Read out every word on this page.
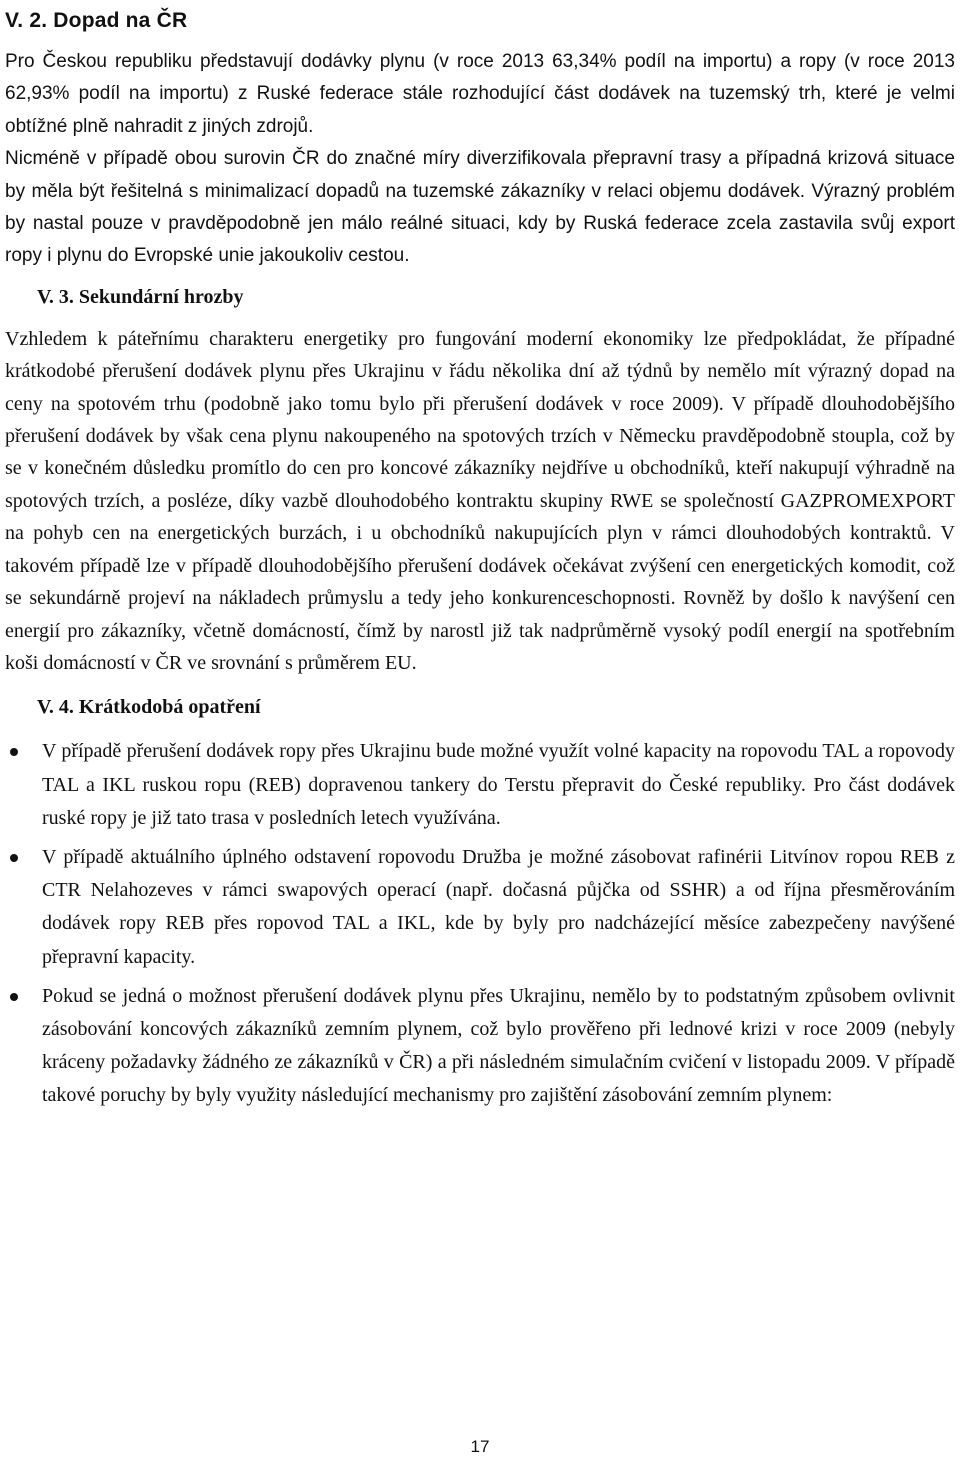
V. 2. Dopad na ČR

Pro Českou republiku představují dodávky plynu (v roce 2013 63,34% podíl na importu) a ropy (v roce 2013 62,93% podíl na importu) z Ruské federace stále rozhodující část dodávek na tuzemský trh, které je velmi obtížné plně nahradit z jiných zdrojů.

Nicméně v případě obou surovin ČR do značné míry diverzifikovala přepravní trasy a případná krizová situace by měla být řešitelná s minimalizací dopadů na tuzemské zákazníky v relaci objemu dodávek. Výrazný problém by nastal pouze v pravděpodobně jen málo reálné situaci, kdy by Ruská federace zcela zastavila svůj export ropy i plynu do Evropské unie jakoukoliv cestou.

V. 3. Sekundární hrozby

Vzhledem k páteřnímu charakteru energetiky pro fungování moderní ekonomiky lze předpokládat, že případné krátkodobé přerušení dodávek plynu přes Ukrajinu v řádu několika dní až týdnů by nemělo mít výrazný dopad na ceny na spotovém trhu (podobně jako tomu bylo při přerušení dodávek v roce 2009). V případě dlouhodobějšího přerušení dodávek by však cena plynu nakoupeného na spotových trzích v Německu pravděpodobně stoupla, což by se v konečném důsledku promítlo do cen pro koncové zákazníky nejdříve u obchodníků, kteří nakupují výhradně na spotových trzích, a posléze, díky vazbě dlouhodobého kontraktu skupiny RWE se společností GAZPROMEXPORT na pohyb cen na energetických burzách, i u obchodníků nakupujících plyn v rámci dlouhodobých kontraktů. V takovém případě lze v případě dlouhodobějšího přerušení dodávek očekávat zvýšení cen energetických komodit, což se sekundárně projeví na nákladech průmyslu a tedy jeho konkurenceschopnosti. Rovněž by došlo k navýšení cen energií pro zákazníky, včetně domácností, čímž by narostl již tak nadprůměrně vysoký podíl energií na spotřebním koši domácností v ČR ve srovnání s průměrem EU.

V. 4. Krátkodobá opatření
V případě přerušení dodávek ropy přes Ukrajinu bude možné využít volné kapacity na ropovodu TAL a ropovody TAL a IKL ruskou ropu (REB) dopravenou tankery do Terstu přepravit do České republiky. Pro část dodávek ruské ropy je již tato trasa v posledních letech využívána.
V případě aktuálního úplného odstavení ropovodu Družba je možné zásobovat rafinérii Litvínov ropou REB z CTR Nelahozeves v rámci swapových operací (např. dočasná půjčka od SSHR) a od října přesměrováním dodávek ropy REB přes ropovod TAL a IKL, kde by byly pro nadcházející měsíce zabezpečeny navýšené přepravní kapacity.
Pokud se jedná o možnost přerušení dodávek plynu přes Ukrajinu, nemělo by to podstatným způsobem ovlivnit zásobování koncových zákazníků zemním plynem, což bylo prověřeno při lednové krizi v roce 2009 (nebyly kráceny požadavky žádného ze zákazníků v ČR) a při následném simulačním cvičení v listopadu 2009. V případě takové poruchy by byly využity následující mechanismy pro zajištění zásobování zemním plynem:
17
